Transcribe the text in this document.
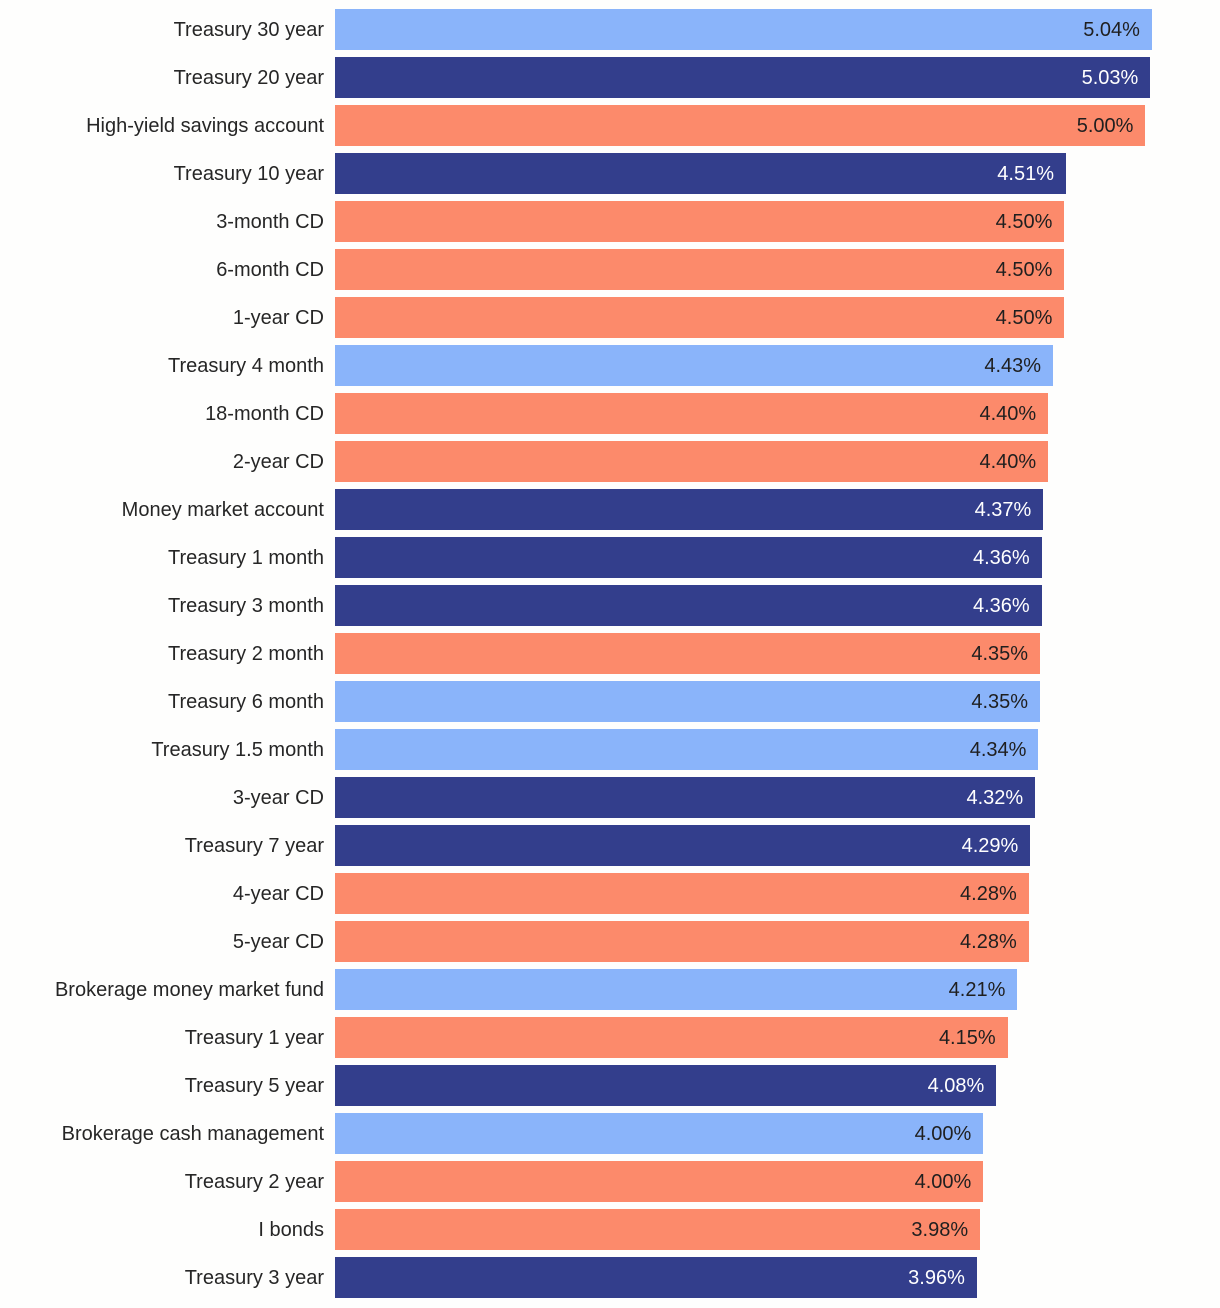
Treasury 30 year	5.04%
Treasury 20 year	5.03%
High-yield savings account	5.00%
Treasury 10 year	4.51%
3-month CD	4.50%
6-month CD	4.50%
1-year CD	4.50%
Treasury 4 month	4.43%
18-month CD	4.40%
2-year CD	4.40%
Money market account	4.37%
Treasury 1 month	4.36%
Treasury 3 month	4.36%
Treasury 2 month	4.35%
Treasury 6 month	4.35%
Treasury 1.5 month	4.34%
3-year CD	4.32%
Treasury 7 year	4.29%
4-year CD	4.28%
5-year CD	4.28%
Brokerage money market fund	4.21%
Treasury 1 year	4.15%
Treasury 5 year	4.08%
Brokerage cash management	4.00%
Treasury 2 year	4.00%
I bonds	3.98%
Treasury 3 year	3.96%
